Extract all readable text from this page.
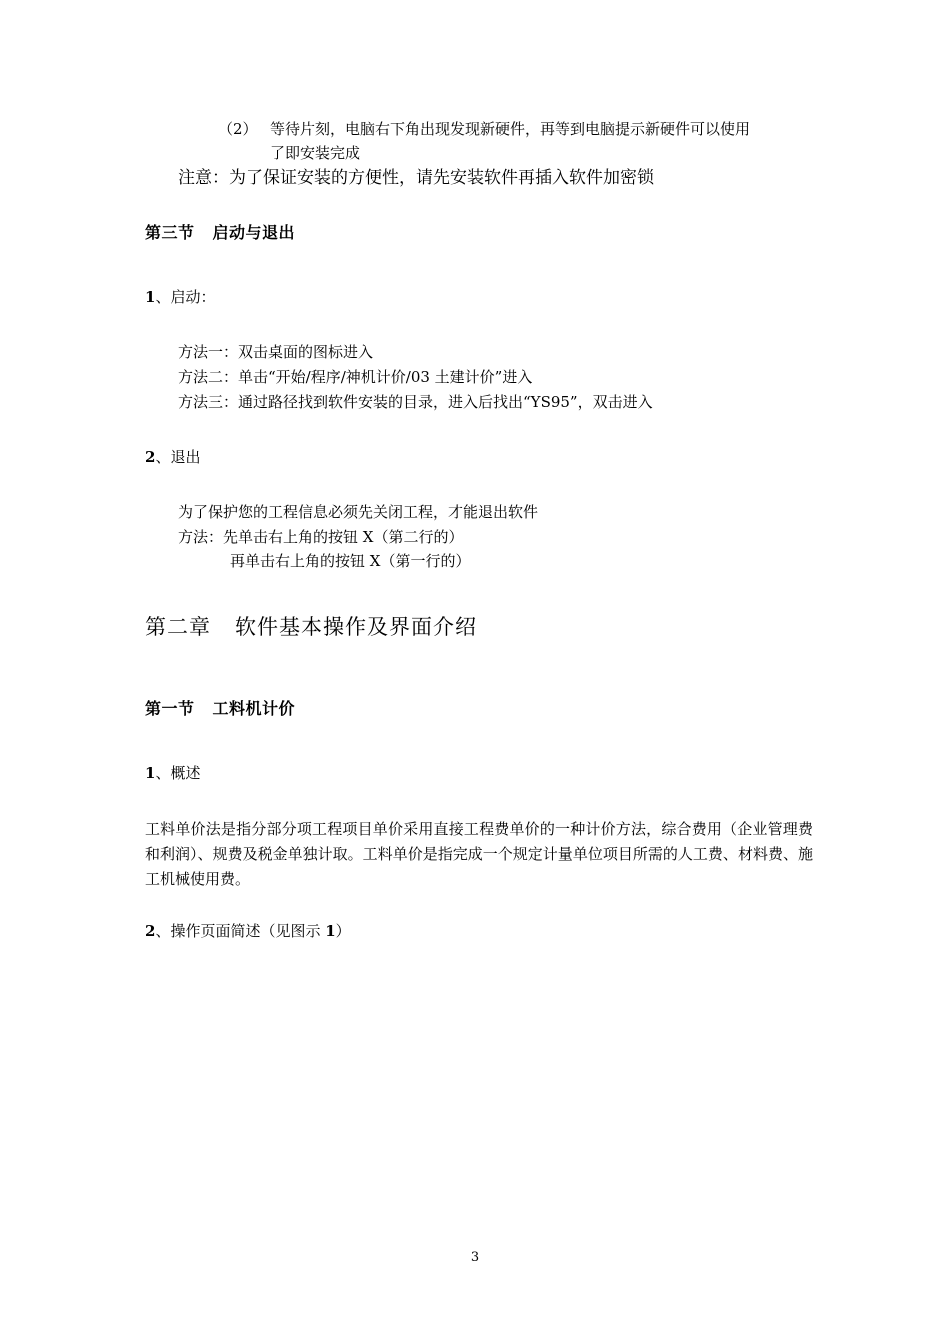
（2） 等待片刻，电脑右下角出现发现新硬件，再等到电脑提示新硬件可以使用
了即安装完成
注意：为了保证安装的方便性，请先安装软件再插入软件加密锁
第三节 启动与退出
1、启动：
方法一：双击桌面的图标进入
方法二：单击“开始/程序/神机计价/03 土建计价”进入
方法三：通过路径找到软件安装的目录，进入后找出“YS95”，双击进入
2、退出
为了保护您的工程信息必须先关闭工程，才能退出软件
方法：先单击右上角的按钮 X（第二行的）
再单击右上角的按钮 X（第一行的）
第二章 软件基本操作及界面介绍
第一节 工料机计价
1、概述
工料单价法是指分部分项工程项目单价采用直接工程费单价的一种计价方法，综合费用（企业管理费和利润）、规费及税金单独计取。工料单价是指完成一个规定计量单位项目所需的人工费、材料费、施工机械使用费。
2、操作页面简述（见图示 1）
3
